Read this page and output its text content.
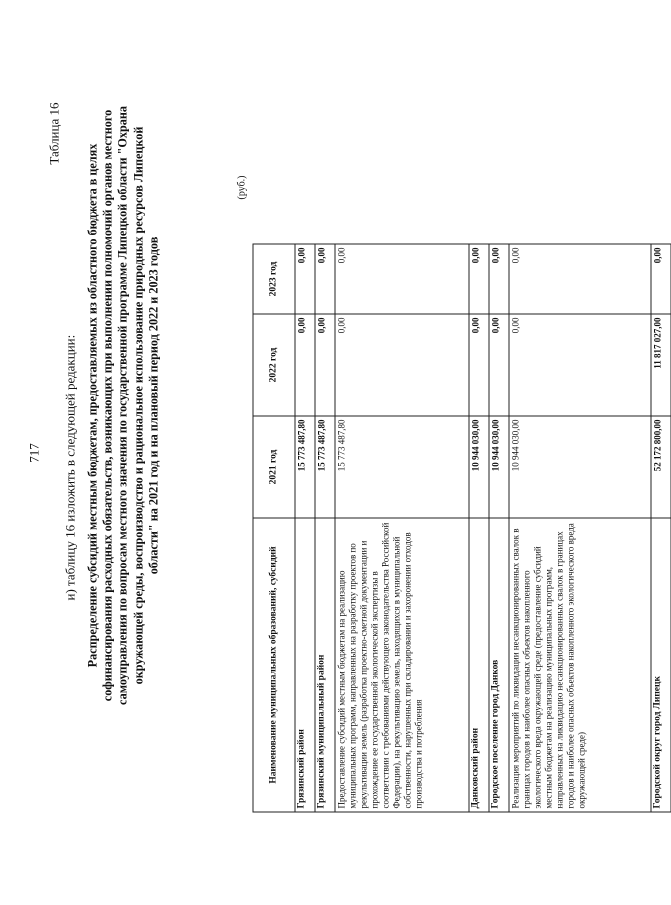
717
Таблица 16
и) таблицу 16 изложить в следующей редакции: Распределение субсидий местным бюджетам, предоставляемых из областного бюджета в целях софинансирования расходных обязательств, возникающих при выполнении полномочий органов местного самоуправления по вопросам местного значения по государственной программе Липецкой области "Охрана окружающей среды, воспроизводство и рациональное использование природных ресурсов Липецкой области" на 2021 год и на плановый период 2022 и 2023 годов
(руб.)
Наименование муниципальных образований, субсидий	2021 год	2022 год	2023 год
Грязинский район	15 773 487,80	0,00	0,00
Грязинский муниципальный район	15 773 487,80	0,00	0,00
Предоставление субсидий местным бюджетам на реализацию муниципальных программ, направленных на разработку проектов по рекультивации земель (разработка проектно-сметной документации и прохождение ее государственной экологической экспертизы в соответствии с требованиями действующего законодательства Российской Федерации), на рекультивацию земель, находящихся в муниципальной собственности, нарушенных при складировании и захоронении отходов производства и потребления	15 773 487,80	0,00	0,00
Данковский район	10 944 030,00	0,00	0,00
Городское поселение город Данков	10 944 030,00	0,00	0,00
Реализация мероприятий по ликвидации несанкционированных свалок в границах городов и наиболее опасных объектов накопленного экологического вреда окружающей среде (предоставление субсидий местным бюджетам на реализацию муниципальных программ, направленных на ликвидацию несанкционированных свалок в границах городов и наиболее опасных объектов накопленного экологического вреда окружающей среде)	10 944 030,00	0,00	0,00
Городской округ город Липецк	52 172 800,00	11 817 027,00	0,00
